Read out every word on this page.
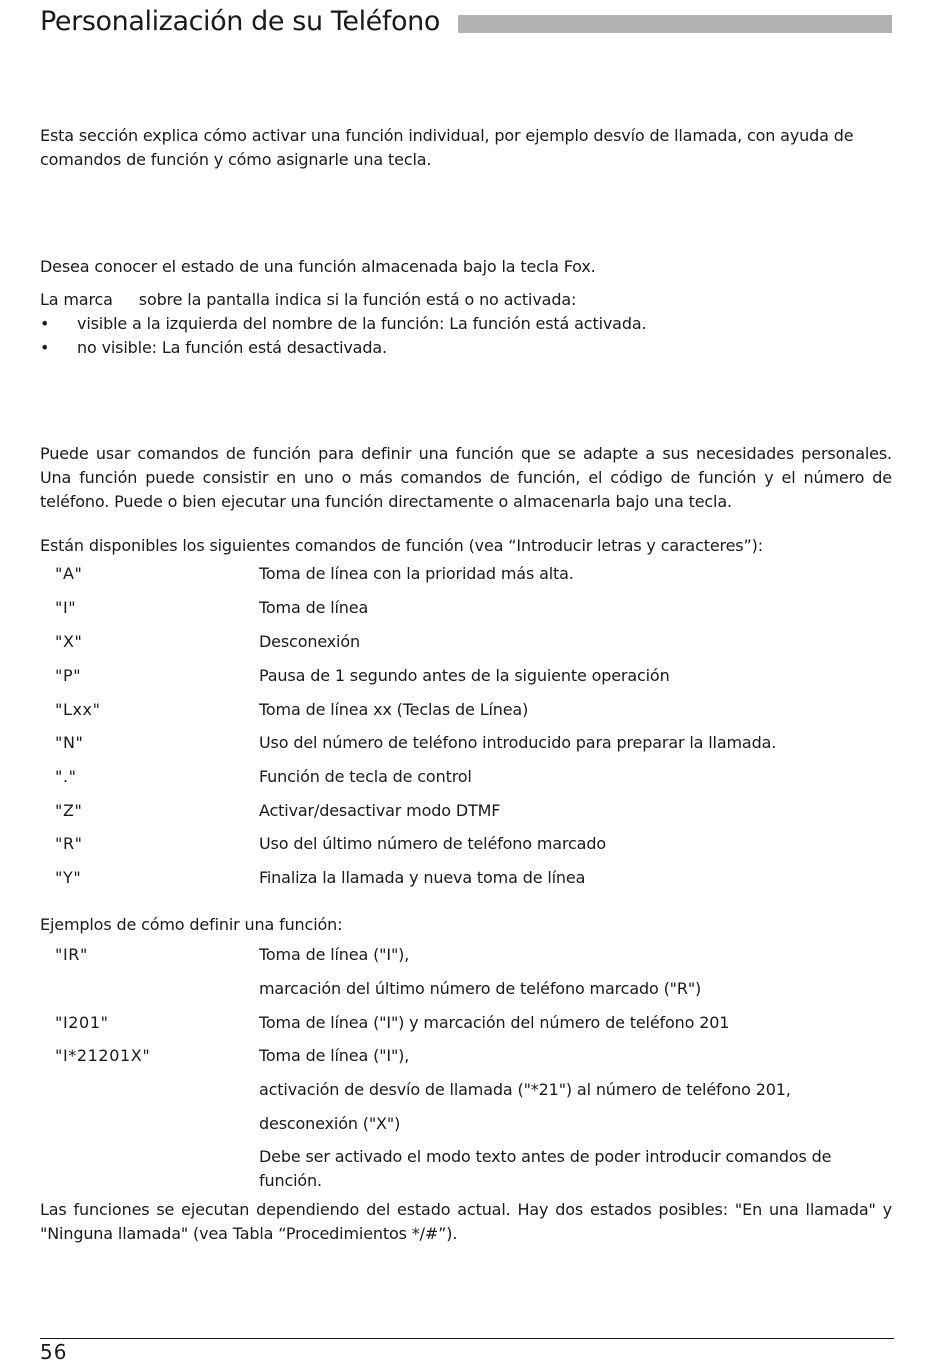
Personalización de su Teléfono

Esta sección explica cómo activar una función individual, por ejemplo desvío de llamada, con ayuda de comandos de función y cómo asignarle una tecla.

Desea conocer el estado de una función almacenada bajo la tecla Fox.

La marca sobre la pantalla indica si la función está o no activada:

• visible a la izquierda del nombre de la función: La función está activada.
• no visible: La función está desactivada.

Puede usar comandos de función para definir una función que se adapte a sus necesidades personales. Una función puede consistir en uno o más comandos de función, el código de función y el número de teléfono. Puede o bien ejecutar una función directamente o almacenarla bajo una tecla.

Están disponibles los siguientes comandos de función (vea “Introducir letras y caracteres”):

"A"	Toma de línea con la prioridad más alta.
"I"	Toma de línea
"X"	Desconexión
"P"	Pausa de 1 segundo antes de la siguiente operación
"Lxx"	Toma de línea xx (Teclas de Línea)
"N"	Uso del número de teléfono introducido para preparar la llamada.
"."	Función de tecla de control
"Z"	Activar/desactivar modo DTMF
"R"	Uso del último número de teléfono marcado
"Y"	Finaliza la llamada y nueva toma de línea

Ejemplos de cómo definir una función:

"IR"	Toma de línea ("I"),
marcación del último número de teléfono marcado ("R")
"I201"	Toma de línea ("I") y marcación del número de teléfono 201
"I*21201X"	Toma de línea ("I"),
activación de desvío de llamada ("*21") al número de teléfono 201,
desconexión ("X")
Debe ser activado el modo texto antes de poder introducir comandos de función.

Las funciones se ejecutan dependiendo del estado actual. Hay dos estados posibles: "En una llamada" y "Ninguna llamada" (vea Tabla “Procedimientos */#”).

56
